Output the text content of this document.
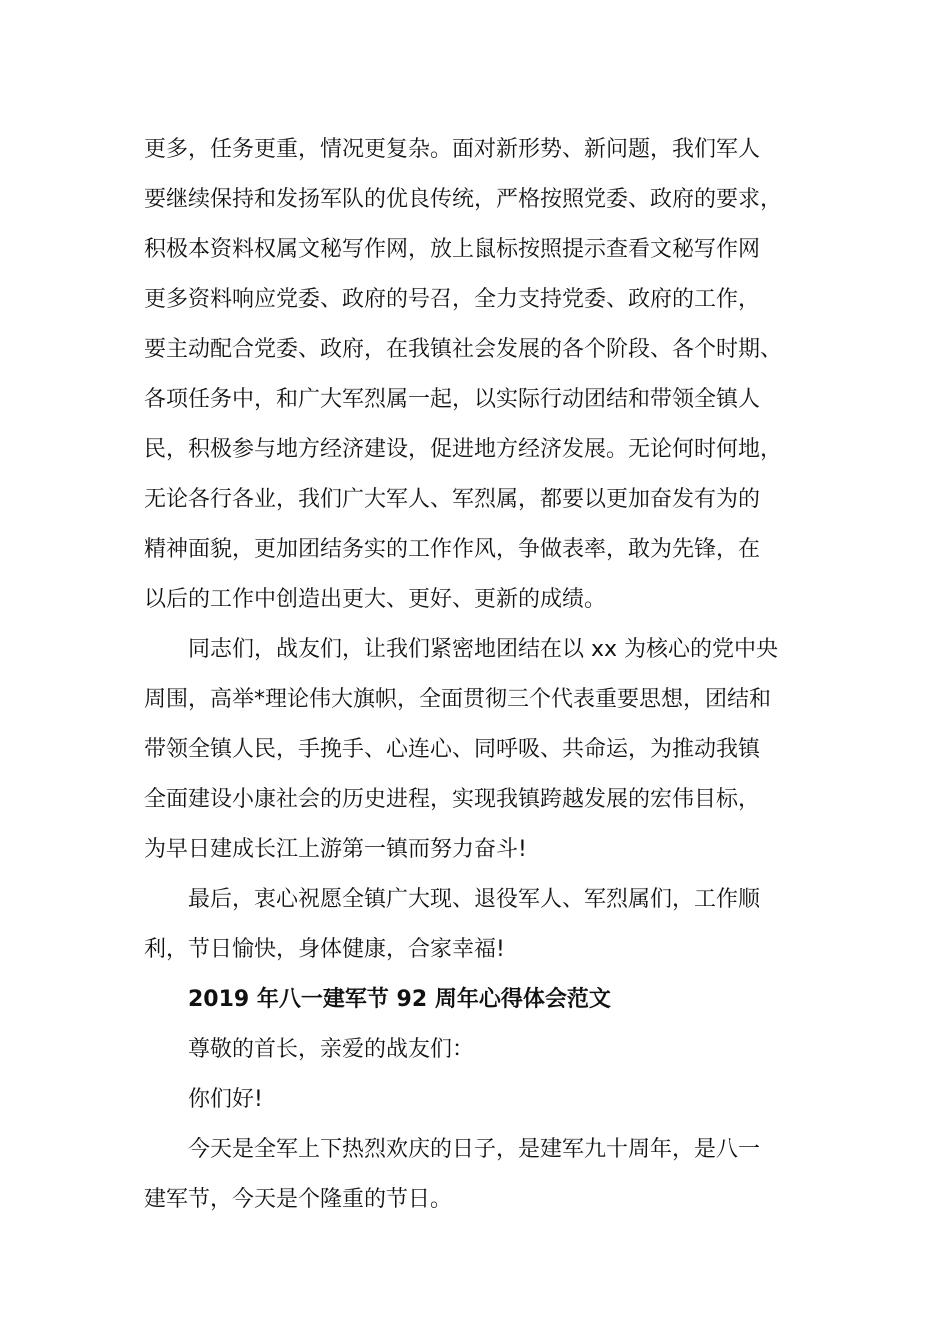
更多，任务更重，情况更复杂。面对新形势、新问题，我们军人
要继续保持和发扬军队的优良传统，严格按照党委、政府的要求，
积极本资料权属文秘写作网，放上鼠标按照提示查看文秘写作网
更多资料响应党委、政府的号召，全力支持党委、政府的工作，
要主动配合党委、政府，在我镇社会发展的各个阶段、各个时期、
各项任务中，和广大军烈属一起，以实际行动团结和带领全镇人
民，积极参与地方经济建设，促进地方经济发展。无论何时何地，
无论各行各业，我们广大军人、军烈属，都要以更加奋发有为的
精神面貌，更加团结务实的工作作风，争做表率，敢为先锋，在
以后的工作中创造出更大、更好、更新的成绩。
同志们，战友们，让我们紧密地团结在以 xx 为核心的党中央
周围，高举*理论伟大旗帜，全面贯彻三个代表重要思想，团结和
带领全镇人民，手挽手、心连心、同呼吸、共命运，为推动我镇
全面建设小康社会的历史进程，实现我镇跨越发展的宏伟目标，
为早日建成长江上游第一镇而努力奋斗!
最后，衷心祝愿全镇广大现、退役军人、军烈属们，工作顺
利，节日愉快，身体健康，合家幸福!
2019 年八一建军节 92 周年心得体会范文
尊敬的首长，亲爱的战友们：
你们好!
今天是全军上下热烈欢庆的日子，是建军九十周年，是八一
建军节，今天是个隆重的节日。
